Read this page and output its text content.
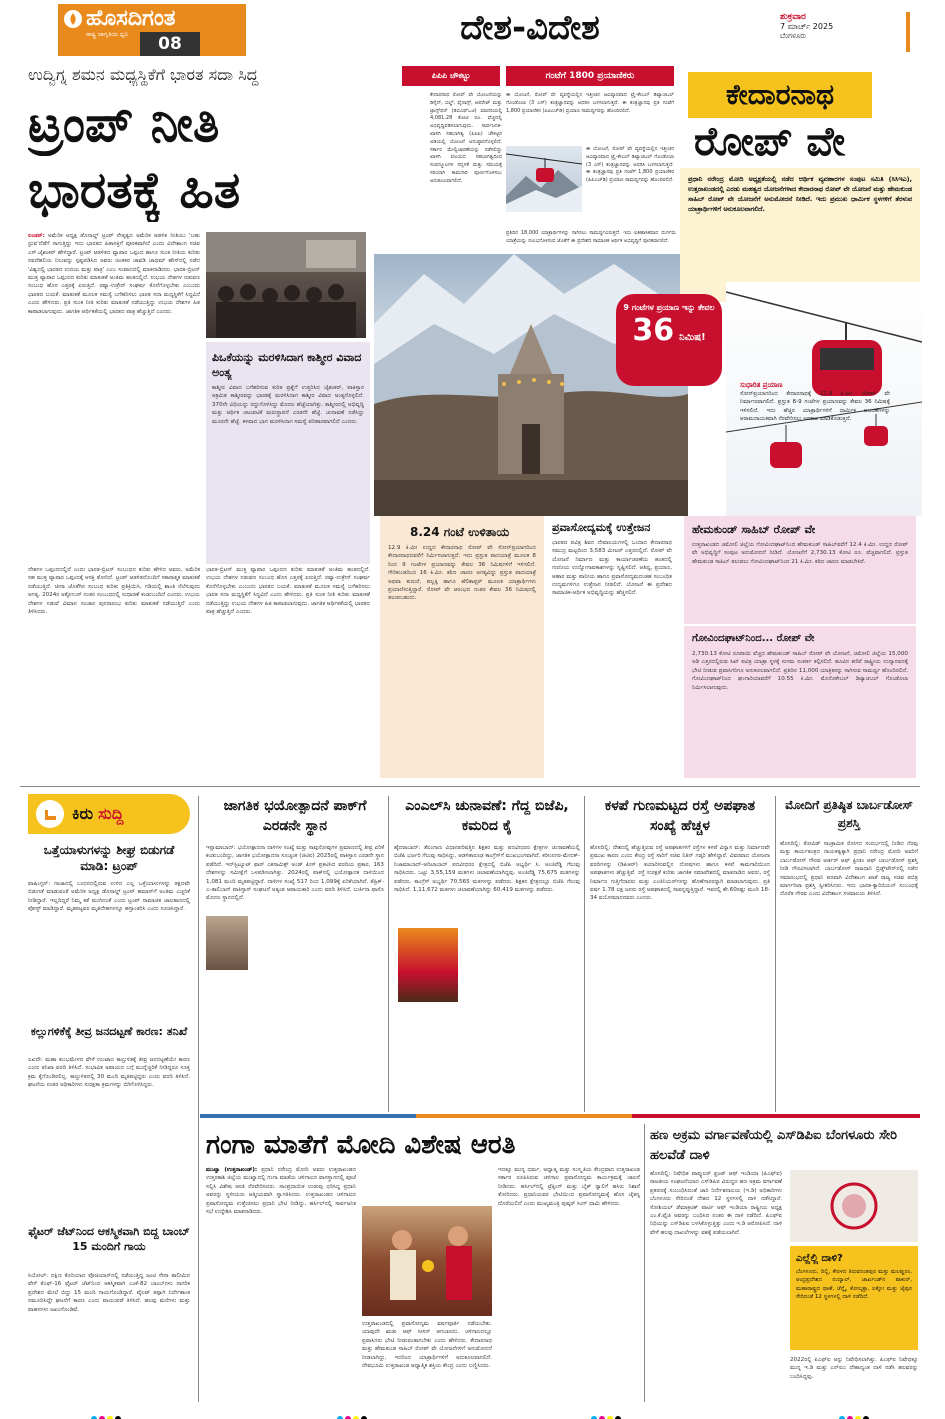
ಹೊಸದಿಗಂತ
ರಾಷ್ಟ್ರ ಜಾಗೃತಿಯ ಧ್ವನಿ	08	ದೇಶ-ವಿದೇಶ	ಶುಕ್ರವಾರ
7 ಮಾರ್ಚ್ 2025
ಬೆಂಗಳೂರು
ಉದ್ವಿಗ್ನ ಶಮನ ಮಧ್ಯಸ್ಥಿಕೆಗೆ ಭಾರತ ಸದಾ ಸಿದ್ಧ
ಟ್ರಂಪ್ ನೀತಿ
ಭಾರತಕ್ಕೆ ಹಿತ
ಲಂಡನ್: ಅಮೆರಿಕ ಅಧ್ಯಕ್ಷ ಡೊನಾಲ್ಡ್ ಟ್ರಂಪ್ ನೇತೃತ್ವದ ಅಮೆರಿಕ ಆಡಳಿತ ನೀತಿಯು 'ಬಹು ಧ್ರುವ'ದೆಡೆಗೆ ಸಾಗುತ್ತಿದ್ದು ಇದು ಭಾರತದ ಹಿತಾಸಕ್ತಿಗೆ ಪೂರಕವಾಗಿದೆ ಎಂದು ವಿದೇಶಾಂಗ ಸಚಿವ ಎಸ್.ಜೈಶಂಕರ್ ಹೇಳಿದ್ದಾರೆ. ಟ್ರಂಪ್ ಆಡಳಿತದ ವ್ಯಾಪಾರ ಒಪ್ಪಂದ ಹಾಗೂ ಸುಂಕ ನೀತಿಯ ಕುರಿತು ನವದೆಹಲಿಯ ನಿಲುವನ್ನು ಸ್ಪಷ್ಟಪಡಿಸಿದ ಅವರು ಚಿಂತಕರ ಚಾವಡಿ ಚಾಥಮ್ ಹೌಸ್‌ನಲ್ಲಿ ನಡೆದ 'ವಿಶ್ವದಲ್ಲಿ ಭಾರತದ ಉದಯ ಮತ್ತು ಪಾತ್ರ' ಎಂಬ ಸಂವಾದದಲ್ಲಿ ಮಾತನಾಡಿದರು. ಭಾರತ-ಬ್ರಿಟನ್ ಮುಕ್ತ ವ್ಯಾಪಾರ ಒಪ್ಪಂದದ ಕುರಿತು ಮಾತುಕತೆ ಅಂತಿಮ ಹಂತದಲ್ಲಿದೆ. ಉಭಯ ದೇಶಗಳ ನಡುವಣ ಸಂಬಂಧ ಹೊಸ ಎತ್ತರಕ್ಕೆ ಏರುತ್ತಿದೆ. ರಷ್ಯಾ-ಉಕ್ರೇನ್ ಸಂಘರ್ಷ ಕೊನೆಗೊಳ್ಳಬೇಕು ಎಂಬುದು ಭಾರತದ ಬಯಕೆ. ಮಾತುಕತೆ ಮೂಲಕ ಸಮಸ್ಯೆ ಬಗೆಹರಿಸಲು ಭಾರತ ಸದಾ ಮಧ್ಯಸ್ಥಿಕೆಗೆ ಸಿದ್ಧವಿದೆ ಎಂದು ಹೇಳಿದರು. ಪ್ರತಿ ಸುಂಕ ನೀತಿ ಕುರಿತು ಮಾತುಕತೆ ನಡೆಯುತ್ತಿದ್ದು ಉಭಯ ದೇಶಗಳ ಹಿತ ಕಾಪಾಡಲಾಗುವುದು. ಜಾಗತಿಕ ಆರ್ಥಿಕತೆಯಲ್ಲಿ ಭಾರತದ ಪಾತ್ರ ಹೆಚ್ಚುತ್ತಿದೆ ಎಂದರು.
ಪಿಒಕೆಯನ್ನು ಮರಳಿಸಿದಾಗ ಕಾಶ್ಮೀರ ವಿವಾದ ಅಂತ್ಯ
ಕಾಶ್ಮೀರ ವಿವಾದ ಬಗೆಹರಿಸುವ ಕುರಿತ ಪ್ರಶ್ನೆಗೆ ಉತ್ತರಿಸಿದ ಜೈಶಂಕರ್, ಪಾಕಿಸ್ತಾನ ಆಕ್ರಮಿತ ಕಾಶ್ಮೀರವನ್ನು ಭಾರತಕ್ಕೆ ಮರಳಿಸಿದಾಗ ಕಾಶ್ಮೀರ ವಿವಾದ ಅಂತ್ಯಗೊಳ್ಳಲಿದೆ. 370ನೇ ವಿಧಿಯನ್ನು ರದ್ದುಗೊಳಿಸಿದ್ದು ಮೊದಲ ಹೆಜ್ಜೆಯಾಗಿತ್ತು. ಕಾಶ್ಮೀರದಲ್ಲಿ ಅಭಿವೃದ್ಧಿ ಮತ್ತು ಆರ್ಥಿಕ ಚಟುವಟಿಕೆ ಮರುಸ್ಥಾಪನೆ ಎರಡನೇ ಹೆಜ್ಜೆ. ಚುನಾವಣೆ ನಡೆಸಿದ್ದು ಮೂರನೇ ಹೆಜ್ಜೆ. ಕಳವಾದ ಭಾಗ ಮರಳಿಸಿದಾಗ ಸಮಸ್ಯೆ ಪರಿಹಾರವಾಗಲಿದೆ ಎಂದರು.
ದೇಶಗಳ ಒಪ್ಪಂದದಲ್ಲಿದೆ ಎಂದು ಭಾರತ-ಬ್ರಿಟನ್ ಸಂಬಂಧದ ಕುರಿತು ಹೇಳಿದ ಅವರು, ಅಮೆರಿಕ ಸಹ ಮುಕ್ತ ವ್ಯಾಪಾರ ಒಪ್ಪಂದಕ್ಕೆ ಆಸಕ್ತಿ ತೋರಿದೆ. ಟ್ರಂಪ್ ಆಡಳಿತದೊಂದಿಗೆ ಸಕಾರಾತ್ಮಕ ಮಾತುಕತೆ ನಡೆಯುತ್ತಿದೆ. ಚೀನಾ ಜೊತೆಗಿನ ಸಂಬಂಧ ಕುರಿತು ಪ್ರತಿಕ್ರಿಯಿಸಿ, ಗಡಿಯಲ್ಲಿ ಶಾಂತಿ ನೆಲೆಸುವುದು ಅಗತ್ಯ. 2024ರ ಅಕ್ಟೋಬರ್ ನಂತರ ಸಂಬಂಧದಲ್ಲಿ ಸುಧಾರಣೆ ಕಂಡುಬಂದಿದೆ ಎಂದರು. ಉಭಯ ದೇಶಗಳ ನಡುವೆ ವಿಮಾನ ಸಂಚಾರ ಪುನರಾರಂಭ ಕುರಿತು ಮಾತುಕತೆ ನಡೆಯುತ್ತಿದೆ ಎಂದು ತಿಳಿಸಿದರು.
ಭಾರತ-ಬ್ರಿಟನ್ ಮುಕ್ತ ವ್ಯಾಪಾರ ಒಪ್ಪಂದದ ಕುರಿತು ಮಾತುಕತೆ ಅಂತಿಮ ಹಂತದಲ್ಲಿದೆ. ಉಭಯ ದೇಶಗಳ ನಡುವಣ ಸಂಬಂಧ ಹೊಸ ಎತ್ತರಕ್ಕೆ ಏರುತ್ತಿದೆ. ರಷ್ಯಾ-ಉಕ್ರೇನ್ ಸಂಘರ್ಷ ಕೊನೆಗೊಳ್ಳಬೇಕು ಎಂಬುದು ಭಾರತದ ಬಯಕೆ. ಮಾತುಕತೆ ಮೂಲಕ ಸಮಸ್ಯೆ ಬಗೆಹರಿಸಲು ಭಾರತ ಸದಾ ಮಧ್ಯಸ್ಥಿಕೆಗೆ ಸಿದ್ಧವಿದೆ ಎಂದು ಹೇಳಿದರು. ಪ್ರತಿ ಸುಂಕ ನೀತಿ ಕುರಿತು ಮಾತುಕತೆ ನಡೆಯುತ್ತಿದ್ದು ಉಭಯ ದೇಶಗಳ ಹಿತ ಕಾಪಾಡಲಾಗುವುದು. ಜಾಗತಿಕ ಆರ್ಥಿಕತೆಯಲ್ಲಿ ಭಾರತದ ಪಾತ್ರ ಹೆಚ್ಚುತ್ತಿದೆ ಎಂದರು.
ಪಿಪಿಪಿ ಚೌಕಟ್ಟು	ಗಂಟೆಗೆ 1800 ಪ್ರಯಾಣಿಕರು
ಕೇದಾರನಾಥ ರೋಪ್ ವೇ ಯೋಜನೆಯನ್ನು ಡಿಸೈನ್, ಬಿಲ್ಡ್, ಫೈನಾನ್ಸ್, ಆಪರೇಟ್ ಮತ್ತು ಟ್ರಾನ್ಸ್‌ಫರ್ (ಡಿಬಿಎಫ್‌ಒಟಿ) ಮಾದರಿಯಲ್ಲಿ 4,081.28 ಕೋಟಿ ರೂ. ವೆಚ್ಚದಲ್ಲಿ ಅಭಿವೃದ್ಧಿಪಡಿಸಲಾಗುವುದು. ಸಾರ್ವಜನಿಕ-ಖಾಸಗಿ ಸಹಭಾಗಿತ್ವ (ಪಿಪಿಪಿ) ಚೌಕಟ್ಟಿನ ಅಡಿಯಲ್ಲಿ ಯೋಜನೆ ಅನುಷ್ಠಾನಗೊಳ್ಳಲಿದೆ. ಸರ್ಕಾರ ಮೇಲ್ವಿಚಾರಣೆಯನ್ನು ನಡೆಸಲಿದ್ದು ಖಾಸಗಿ ವಲಯದ ಸಹಭಾಗಿತ್ವದಿಂದ ಸಂಪನ್ಮೂಲಗಳ ಸದ್ಬಳಕೆ ಮತ್ತು ಸಮಯಕ್ಕೆ ಸರಿಯಾಗಿ ಕಾಮಗಾರಿ ಪೂರ್ಣಗೊಳಿಸಲು ಅನುಕೂಲವಾಗಲಿದೆ.
ಈ ಯೋಜನೆ, ರೋಪ್ ವೇ ವ್ಯವಸ್ಥೆಯಲ್ಲಿನ ಇತ್ತೀಚಿನ ಆವಿಷ್ಕಾರವಾದ ಟ್ರೈ-ಕೇಬಲ್ ಡಿಟ್ಯಾಚಬಲ್ ಗೊಂಡೊಲಾ (3 ಎಸ್) ತಂತ್ರಜ್ಞಾನವನ್ನು ಆಧರಿಸಿ ಬಳಸಲಾಗುತ್ತದೆ. ಈ ತಂತ್ರಜ್ಞಾನವು ಪ್ರತಿ ಗಂಟೆಗೆ 1,800 ಪ್ರಯಾಣಿಕರ (ಪಿಪಿಎಚ್‌ಡಿ) ಪ್ರಯಾಣ ಸಾಮರ್ಥ್ಯವನ್ನು ಹೊಂದಿರಲಿದೆ.
ಈ ಯೋಜನೆ, ರೋಪ್ ವೇ ವ್ಯವಸ್ಥೆಯಲ್ಲಿನ ಇತ್ತೀಚಿನ ಆವಿಷ್ಕಾರವಾದ ಟ್ರೈ-ಕೇಬಲ್ ಡಿಟ್ಯಾಚಬಲ್ ಗೊಂಡೊಲಾ (3 ಎಸ್) ತಂತ್ರಜ್ಞಾನವನ್ನು ಆಧರಿಸಿ ಬಳಸಲಾಗುತ್ತದೆ. ಈ ತಂತ್ರಜ್ಞಾನವು ಪ್ರತಿ ಗಂಟೆಗೆ 1,800 ಪ್ರಯಾಣಿಕರ (ಪಿಪಿಎಚ್‌ಡಿ) ಪ್ರಯಾಣ ಸಾಮರ್ಥ್ಯವನ್ನು ಹೊಂದಿರಲಿದೆ.
ಪ್ರತಿದಿನ 18,000 ಯಾತ್ರಾರ್ಥಿಗಳನ್ನು ಸಾಗಿಸಲು ಸಾಮರ್ಥ್ಯವಿರುತ್ತದೆ. ಇದು ಐತಿಹಾಸಿಕವಾದ ದುರ್ಗಮ ಯಾತ್ರೆಯನ್ನು ಸುಲಭಗೊಳಿಸುವ ಜೊತೆಗೆ ಈ ಪ್ರದೇಶದ ಸಾಮಾಜಿಕ ಆರ್ಥಿಕ ಅಭಿವೃದ್ಧಿಗೆ ಪೂರಕವಾಗಲಿದೆ.
ಕೇದಾರನಾಥ
ರೋಪ್ ವೇ
ಪ್ರಧಾನಿ ನರೇಂದ್ರ ಮೋದಿ ಅಧ್ಯಕ್ಷತೆಯಲ್ಲಿ ನಡೆದ ಆರ್ಥಿಕ ವ್ಯವಹಾರಗಳ ಸಂಪುಟ ಸಮಿತಿ (ಸಿಸಿಇಎ), ಉತ್ತರಾಖಂಡದಲ್ಲಿ ಎರಡು ಮಹತ್ವದ ಯೋಜನೆಗಳಾದ ಕೇದಾರನಾಥ ರೋಪ್ ವೇ ಯೋಜನೆ ಮತ್ತು ಹೇಮಕುಂಡ ಸಾಹಿಬ್ ರೋಪ್ ವೇ ಯೋಜನೆಗೆ ಅನುಮೋದನೆ ನೀಡಿದೆ. ಇದು ಪ್ರಮುಖ ಧಾರ್ಮಿಕ ಸ್ಥಳಗಳಿಗೆ ತೆರಳುವ ಯಾತ್ರಾರ್ಥಿಗಳಿಗೆ ಅನುಕೂಲವಾಗಲಿದೆ.
9 ಗಂಟೆಗಳ ಪ್ರಯಾಣ ಇನ್ನು ಕೇವಲ
36 ನಿಮಿಷ!
ಸುಧಾರಿತ ಪ್ರಯಾಣ
ಸೋನ್‌ಪ್ರಯಾಗದಿಂದ ಕೇದಾರನಾಥಕ್ಕೆ 12.9 ಕಿ.ಮೀ. ರೋಪ್ ವೇ ನಿರ್ಮಾಣವಾಗಲಿದೆ. ಪ್ರಸ್ತುತ 8-9 ಗಂಟೆಗಳ ಪ್ರಯಾಣವನ್ನು ಕೇವಲ 36 ನಿಮಿಷಕ್ಕೆ ಇಳಿಸಲಿದೆ. ಇದು ಹೆಚ್ಚಿನ ಯಾತ್ರಾರ್ಥಿಗಳಿಗೆ ಧಾರ್ಮಿಕ ಆಚರಣೆಗಳನ್ನು ಆರಾಮದಾಯಕವಾಗಿ ನೆರವೇರಿಸಲು ಅವಕಾಶ ಮಾಡಿಕೊಡುತ್ತದೆ.
8.24 ಗಂಟೆ ಉಳಿತಾಯ
12.9 ಕಿ.ಮೀ ಉದ್ದದ ಕೇದಾರನಾಥ ರೋಪ್ ವೇ ಸೋನ್‌ಪ್ರಯಾಗದಿಂದ ಕೇದಾರನಾಥದವರೆಗೆ ನಿರ್ಮಿಸಲಾಗುತ್ತದೆ. ಇದು ಪ್ರಸ್ತುತ ಪಾದಯಾತ್ರೆ ಮೂಲಕ 8 ರಿಂದ 9 ಗಂಟೆಗಳ ಪ್ರಯಾಣವನ್ನು ಕೇವಲ 36 ನಿಮಿಷಗಳಿಗೆ ಇಳಿಸಲಿದೆ. ಗೌರಿಕುಂಡದಿಂದ 16 ಕಿ.ಮೀ. ಕಠಿಣ ಚಾರಣ ಅಗತ್ಯವಿದ್ದು ಪ್ರಸ್ತುತ ಪಾದಯಾತ್ರೆ ಅಥವಾ ಕುದುರೆ, ಪಲ್ಲಕ್ಕಿ ಹಾಗೂ ಹೆಲಿಕಾಪ್ಟರ್ ಮೂಲಕ ಯಾತ್ರಾರ್ಥಿಗಳು ಪ್ರಯಾಣಿಸುತ್ತಿದ್ದಾರೆ. ರೋಪ್ ವೇ ಆರಂಭದ ನಂತರ ಕೇವಲ 36 ನಿಮಿಷದಲ್ಲಿ ತಲುಪಬಹುದು.
ಪ್ರವಾಸೋದ್ಯಮಕ್ಕೆ ಉತ್ತೇಜನ
ಭಾರತದ ಪವಿತ್ರ ಶಿವನ ದೇವಾಲಯಗಳಲ್ಲಿ ಒಂದಾದ ಕೇದಾರನಾಥ ಸಮುದ್ರ ಮಟ್ಟದಿಂದ 3,583 ಮೀಟರ್ ಎತ್ತರದಲ್ಲಿದೆ. ರೋಪ್ ವೇ ಯೋಜನೆ ನಿರ್ಮಾಣ ಮತ್ತು ಕಾರ್ಯಾಚರಣೆಯ ಹಂತದಲ್ಲಿ ಗಣನೀಯ ಉದ್ಯೋಗಾವಕಾಶಗಳನ್ನು ಸೃಷ್ಟಿಸಲಿದೆ. ಆತಿಥ್ಯ, ಪ್ರಯಾಣ, ಆಹಾರ ಮತ್ತು ಪಾನೀಯ ಹಾಗೂ ಪ್ರವಾಸೋದ್ಯಮದಂತಹ ಸಂಬಂಧಿತ ಉದ್ಯಮಗಳಿಗೂ ಉತ್ತೇಜನ ನೀಡಲಿದೆ. ಯೋಜನೆ ಈ ಪ್ರದೇಶದ ಸಾಮಾಜಿಕ-ಆರ್ಥಿಕ ಅಭಿವೃದ್ಧಿಯನ್ನು ಹೆಚ್ಚಿಸಲಿದೆ.
ಹೇಮಕುಂಡ್ ಸಾಹಿಬ್ ರೋಪ್ ವೇ
ಉತ್ತರಾಖಂಡದ ಚಮೋಲಿ ಜಿಲ್ಲೆಯ ಗೋವಿಂದಘಾಟ್‌ನಿಂದ ಹೇಮಕುಂಡ್ ಸಾಹಿಬ್‌ವರೆಗೆ 12.4 ಕಿ.ಮೀ. ಉದ್ದದ ರೋಪ್ ವೇ ಅಭಿವೃದ್ಧಿಗೆ ಸಂಪುಟ ಅನುಮೋದನೆ ನೀಡಿದೆ. ಯೋಜನೆಗೆ 2,730.13 ಕೋಟಿ ರೂ. ವೆಚ್ಚವಾಗಲಿದೆ. ಪ್ರಸ್ತುತ ಹೇಮಕುಂಡ ಸಾಹಿಬ್ ತಲುಪಲು ಗೋವಿಂದಘಾಟ್‌ನಿಂದ 21 ಕಿ.ಮೀ. ಕಠಿಣ ಚಾರಣ ಮಾಡಬೇಕಿದೆ.
ಗೋವಿಂದಘಾಟ್‌ನಿಂದ... ರೋಪ್ ವೇ
2,730.13 ಕೋಟಿ ರೂಪಾಯಿ ವೆಚ್ಚದ ಹೇಮಕುಂಡ್ ಸಾಹಿಬ್ ರೋಪ್ ವೇ ಯೋಜನೆ, ಚಮೋಲಿ ಜಿಲ್ಲೆಯ 15,000 ಅಡಿ ಎತ್ತರದಲ್ಲಿರುವ ಸಿಖ್ ಪವಿತ್ರ ಯಾತ್ರಾ ಸ್ಥಳಕ್ಕೆ ಸುಗಮ ಸಂಪರ್ಕ ಕಲ್ಪಿಸಲಿದೆ. ಹೂವಿನ ಕಣಿವೆ ರಾಷ್ಟ್ರೀಯ ಉದ್ಯಾನವನಕ್ಕೆ ಭೇಟಿ ನೀಡುವ ಪ್ರವಾಸಿಗರಿಗೂ ಅನುಕೂಲವಾಗಲಿದೆ. ಪ್ರತಿದಿನ 11,000 ಯಾತ್ರಿಕರನ್ನು ಸಾಗಿಸುವ ಸಾಮರ್ಥ್ಯ ಹೊಂದಿರಲಿದೆ. ಗೋವಿಂದಘಾಟ್‌ನಿಂದ ಘಂಗಾರಿಯಾವರೆಗೆ 10.55 ಕಿ.ಮೀ. ಮೊನೊಕೇಬಲ್ ಡಿಟ್ಯಾಚಬಲ್ ಗೊಂಡೊಲಾ ನಿರ್ಮಿಸಲಾಗುವುದು.
ಕಿರು ಸುದ್ದಿ
ಒತ್ತೆಯಾಳುಗಳನ್ನು ಶೀಘ್ರ ಬಿಡುಗಡೆ ಮಾಡಿ: ಟ್ರಂಪ್
ವಾಷಿಂಗ್ಟನ್: ಗಾಜಾದಲ್ಲಿ ಬಂಧನದಲ್ಲಿರುವ ಉಳಿದ ಎಲ್ಲ ಒತ್ತೆಯಾಳುಗಳನ್ನು ತಕ್ಷಣವೇ ಬಿಡುಗಡೆ ಮಾಡುವಂತೆ ಅಮೆರಿಕ ಅಧ್ಯಕ್ಷ ಡೊನಾಲ್ಡ್ ಟ್ರಂಪ್ ಹಮಾಸ್‌ಗೆ ಅಂತಿಮ ಎಚ್ಚರಿಕೆ ನೀಡಿದ್ದಾರೆ. ಇಲ್ಲದಿದ್ದರೆ ನಿಮ್ಮ ಕತೆ ಮುಗಿದಂತೆ ಎಂದು ಟ್ರಂಪ್ ಸಾಮಾಜಿಕ ಜಾಲತಾಣದಲ್ಲಿ ಪೋಸ್ಟ್ ಮಾಡಿದ್ದಾರೆ. ಮೃತಪಟ್ಟವರ ಮೃತದೇಹಗಳನ್ನೂ ಹಸ್ತಾಂತರಿಸಿ ಎಂದು ಸೂಚಿಸಿದ್ದಾರೆ.
ಕಲ್ಲುಗಳಿಕೆಕ್ಕೆ ತೀವ್ರ ಜನದಟ್ಟಣೆ ಕಾರಣ: ತನಿಖೆ
ಲಖನೌ: ಮಹಾ ಕುಂಭಮೇಳದ ವೇಳೆ ಉಂಟಾದ ಕಾಲ್ತುಳಿತಕ್ಕೆ ತೀವ್ರ ಜನದಟ್ಟಣೆಯೇ ಕಾರಣ ಎಂದು ತನಿಖಾ ವರದಿ ತಿಳಿಸಿದೆ. ಸಂಭಾವಿತ ಅಪಾಯದ ಬಗ್ಗೆ ಮುನ್ನೆಚ್ಚರಿಕೆ ನೀಡಿದ್ದರೂ ಸೂಕ್ತ ಕ್ರಮ ಕೈಗೊಂಡಿರಲಿಲ್ಲ. ಕಾಲ್ತುಳಿತದಲ್ಲಿ 30 ಮಂದಿ ಮೃತಪಟ್ಟಿದ್ದರು ಎಂದು ವರದಿ ತಿಳಿಸಿದೆ. ಘಟನೆಯ ನಂತರ ಅಧಿಕಾರಿಗಳು ಸುರಕ್ಷತಾ ಕ್ರಮಗಳನ್ನು ಬಿಗಿಗೊಳಿಸಿದ್ದರು.
ಫೈಟರ್ ಜೆಟ್‌ನಿಂದ ಆಕಸ್ಮಿಕವಾಗಿ ಬಿದ್ದ ಬಾಂಬ್ 15 ಮಂದಿಗೆ ಗಾಯ
ಸಿಯೋಲ್: ದಕ್ಷಿಣ ಕೊರಿಯಾದ ಪೊಚಿಯಾನ್‌ನಲ್ಲಿ ನಡೆಯುತ್ತಿದ್ದ ಜಂಟಿ ಸೇನಾ ತಾಲೀಮಿನ ವೇಳೆ ಕೆಎಫ್-16 ಫೈಟರ್ ಜೆಟ್‌ನಿಂದ ಆಕಸ್ಮಿಕವಾಗಿ ಎಂಕೆ-82 ಬಾಂಬ್‌ಗಳು ನಾಗರಿಕ ಪ್ರದೇಶದ ಮೇಲೆ ಬಿದ್ದು 15 ಮಂದಿ ಗಾಯಗೊಂಡಿದ್ದಾರೆ. ಪೈಲಟ್ ತಪ್ಪಾಗಿ ನಿರ್ದೇಶಾಂಕ ನಮೂದಿಸಿದ್ದೇ ಘಟನೆಗೆ ಕಾರಣ ಎಂದು ವಾಯುಪಡೆ ತಿಳಿಸಿದೆ. ಹಲವು ಮನೆಗಳು ಮತ್ತು ವಾಹನಗಳು ಜಖಂಗೊಂಡಿವೆ.
ಜಾಗತಿಕ ಭಯೋತ್ಪಾದನೆ ಪಾಕ್‌ಗೆ ಎರಡನೇ ಸ್ಥಾನ
ಇಸ್ಲಾಮಾಬಾದ್: ಭಯೋತ್ಪಾದನಾ ದಾಳಿಗಳ ಸಂಖ್ಯೆ ಮತ್ತು ಸಾವುನೋವುಗಳ ಪ್ರಮಾಣದಲ್ಲಿ ತೀವ್ರ ಏರಿಕೆ ಕಂಡುಬಂದಿದ್ದು, ಜಾಗತಿಕ ಭಯೋತ್ಪಾದನಾ ಸೂಚ್ಯಂಕ (ಜಿಟಿಐ) 2025ರಲ್ಲಿ ಪಾಕಿಸ್ತಾನ ಎರಡನೇ ಸ್ಥಾನ ಪಡೆದಿದೆ. ಇನ್‌ಸ್ಟಿಟ್ಯೂಟ್ ಫಾರ್ ಎಕನಾಮಿಕ್ಸ್ ಅಂಡ್ ಪೀಸ್ ಪ್ರಕಟಿಸಿದ ವರದಿಯ ಪ್ರಕಾರ, 163 ದೇಶಗಳನ್ನು ಸಮೀಕ್ಷೆಗೆ ಒಳಪಡಿಸಲಾಗಿತ್ತು. 2024ರಲ್ಲಿ ಪಾಕ್‌ನಲ್ಲಿ ಭಯೋತ್ಪಾದಕ ದಾಳಿಯಿಂದ 1,081 ಮಂದಿ ಮೃತಪಟ್ಟಿದ್ದಾರೆ. ದಾಳಿಗಳ ಸಂಖ್ಯೆ 517 ರಿಂದ 1,099ಕ್ಕೆ ಏರಿಕೆಯಾಗಿದೆ. ತೆಹ್ರಿಕ್-ಎ-ತಾಲಿಬಾನ್ ಪಾಕಿಸ್ತಾನ್ ಸಂಘಟನೆ ಅತ್ಯಂತ ಅಪಾಯಕಾರಿ ಎಂದು ವರದಿ ತಿಳಿಸಿದೆ. ಬುರ್ಕಿನಾ ಫಾಸೊ ಮೊದಲ ಸ್ಥಾನದಲ್ಲಿದೆ.
ಎಂಎಲ್‌ಸಿ ಚುನಾವಣೆ: ಗೆದ್ದ ಬಿಜೆಪಿ, ಕಮರಿದ ಕೈ
ಹೈದರಾಬಾದ್: ತೆಲಂಗಾಣ ವಿಧಾನಪರಿಷತ್ತಿನ ಶಿಕ್ಷಕರ ಮತ್ತು ಪದವೀಧರರ ಕ್ಷೇತ್ರಗಳ ಚುನಾವಣೆಯಲ್ಲಿ ಬಿಜೆಪಿ ಭರ್ಜರಿ ಗೆಲುವು ಸಾಧಿಸಿದ್ದು, ಆಡಳಿತಾರೂಢ ಕಾಂಗ್ರೆಸ್‌ಗೆ ಮುಖಭಂಗವಾಗಿದೆ. ಕರೀಂನಗರ-ಮೇದಕ್-ನಿಜಾಮಾಬಾದ್-ಆದಿಲಾಬಾದ್ ಪದವೀಧರರ ಕ್ಷೇತ್ರದಲ್ಲಿ ಬಿಜೆಪಿ ಅಭ್ಯರ್ಥಿ ಸಿ. ಅಂಜಿರೆಡ್ಡಿ ಗೆಲುವು ಸಾಧಿಸಿದರು. ಒಟ್ಟು 3,55,159 ಮತಗಳು ಚಲಾವಣೆಯಾಗಿದ್ದವು. ಅಂಜಿರೆಡ್ಡಿ 75,675 ಮತಗಳನ್ನು ಪಡೆದರು. ಕಾಂಗ್ರೆಸ್ ಅಭ್ಯರ್ಥಿ 70,565 ಮತಗಳನ್ನು ಪಡೆದರು. ಶಿಕ್ಷಕರ ಕ್ಷೇತ್ರದಲ್ಲೂ ಬಿಜೆಪಿ ಗೆಲುವು ಸಾಧಿಸಿದೆ. 1,11,672 ಮತಗಳು ಚಲಾವಣೆಯಾಗಿದ್ದು 60,419 ಮತಗಳನ್ನು ಪಡೆದರು.
ಕಳಪೆ ಗುಣಮಟ್ಟದ ರಸ್ತೆ ಅಪಘಾತ ಸಂಖ್ಯೆ ಹೆಚ್ಚಳ
ಹೊಸದಿಲ್ಲಿ: ದೇಶದಲ್ಲಿ ಹೆಚ್ಚುತ್ತಿರುವ ರಸ್ತೆ ಅಪಘಾತಗಳಿಗೆ ರಸ್ತೆಗಳ ಕಳಪೆ ವಿನ್ಯಾಸ ಮತ್ತು ನಿರ್ಮಾಣವೇ ಪ್ರಮುಖ ಕಾರಣ ಎಂದು ಕೇಂದ್ರ ರಸ್ತೆ ಸಾರಿಗೆ ಸಚಿವ ನಿತಿನ್ ಗಡ್ಕರಿ ಹೇಳಿದ್ದಾರೆ. ವಿವರವಾದ ಯೋಜನಾ ವರದಿಗಳನ್ನು (ಡಿಪಿಆರ್) ತಯಾರಿಸುವಲ್ಲಿನ ದೋಷಗಳು ಹಾಗೂ ಕಳಪೆ ಕಾಮಗಾರಿಯಿಂದ ಅಪಘಾತಗಳು ಹೆಚ್ಚುತ್ತಿವೆ. ರಸ್ತೆ ಸುರಕ್ಷತೆ ಕುರಿತು ಜಾಗತಿಕ ಸಮಾವೇಶದಲ್ಲಿ ಮಾತನಾಡಿದ ಅವರು, ರಸ್ತೆ ನಿರ್ಮಾಣ ಗುತ್ತಿಗೆದಾರರು ಮತ್ತು ಎಂಜಿನಿಯರ್‌ಗಳನ್ನು ಹೊಣೆಗಾರರನ್ನಾಗಿ ಮಾಡಲಾಗುವುದು. ಪ್ರತಿ ವರ್ಷ 1.78 ಲಕ್ಷ ಜನರು ರಸ್ತೆ ಅಪಘಾತದಲ್ಲಿ ಸಾವನ್ನಪ್ಪುತ್ತಿದ್ದಾರೆ. ಇವರಲ್ಲಿ ಶೇ.60ರಷ್ಟು ಮಂದಿ 18-34 ವಯೋಮಾನದವರು ಎಂದರು.
ಮೋದಿಗೆ ಪ್ರತಿಷ್ಠಿತ ಬಾರ್ಬಡೋಸ್ ಪ್ರಶಸ್ತಿ
ಹೊಸದಿಲ್ಲಿ: ಕೋವಿಡ್ ಸಾಂಕ್ರಾಮಿಕ ರೋಗದ ಸಂದರ್ಭದಲ್ಲಿ ನೀಡಿದ ನೆರವು ಮತ್ತು ಕಾರ್ಯತಂತ್ರದ ನಾಯಕತ್ವಕ್ಕಾಗಿ ಪ್ರಧಾನಿ ನರೇಂದ್ರ ಮೋದಿ ಅವರಿಗೆ ಬಾರ್ಬಡೋಸ್ ಗೌರವ ಆರ್ಡರ್ ಆಫ್ ಫ್ರೀಡಂ ಆಫ್ ಬಾರ್ಬಡೋಸ್ ಪ್ರಶಸ್ತಿ ನೀಡಿ ಗೌರವಿಸಲಾಗಿದೆ. ಬಾರ್ಬಡೋಸ್ ರಾಜಧಾನಿ ಬ್ರಿಡ್ಜ್‌ಟೌನ್‌ನಲ್ಲಿ ನಡೆದ ಸಮಾರಂಭದಲ್ಲಿ ಪ್ರಧಾನಿ ಪರವಾಗಿ ವಿದೇಶಾಂಗ ಖಾತೆ ರಾಜ್ಯ ಸಚಿವ ಪಬಿತ್ರ ಮಾರ್ಗರಿಟಾ ಪ್ರಶಸ್ತಿ ಸ್ವೀಕರಿಸಿದರು. ಇದು ಭಾರತ-ಕ್ಯಾರಿಬಿಯನ್ ಸಂಬಂಧಕ್ಕೆ ದೊರೆತ ಗೌರವ ಎಂದು ವಿದೇಶಾಂಗ ಸಚಿವಾಲಯ ತಿಳಿಸಿದೆ.
ಗಂಗಾ ಮಾತೆಗೆ ಮೋದಿ ವಿಶೇಷ ಆರತಿ
ಮುಖ್ವಾ (ಉತ್ತರಾಖಂಡ್): ಪ್ರಧಾನಿ ನರೇಂದ್ರ ಮೋದಿ ಅವರು ಉತ್ತರಾಖಂಡದ ಉತ್ತರಕಾಶಿ ಜಿಲ್ಲೆಯ ಮುಖ್ವಾದಲ್ಲಿ ಗಂಗಾ ಮಾತೆಯ ಚಳಿಗಾಲದ ವಾಸಸ್ಥಾನದಲ್ಲಿ ಪೂಜೆ ಸಲ್ಲಿಸಿ ವಿಶೇಷ ಆರತಿ ನೆರವೇರಿಸಿದರು. ಸಾಂಪ್ರದಾಯಿಕ ಉಡುಪು ಧರಿಸಿದ್ದ ಪ್ರಧಾನಿ ಅವರನ್ನು ಸ್ಥಳೀಯರು ಆತ್ಮೀಯವಾಗಿ ಸ್ವಾಗತಿಸಿದರು. ಉತ್ತರಾಖಂಡದ ಚಳಿಗಾಲದ ಪ್ರವಾಸೋದ್ಯಮ ಉತ್ತೇಜಿಸಲು ಪ್ರಧಾನಿ ಭೇಟಿ ನೀಡಿದ್ದು, ಹರ್ಸಿಲ್‌ನಲ್ಲಿ ಸಾರ್ವಜನಿಕ ಸಭೆ ಉದ್ದೇಶಿಸಿ ಮಾತನಾಡಿದರು.
ಉತ್ತರಾಖಂಡದಲ್ಲಿ ಪ್ರವಾಸೋದ್ಯಮ ವರ್ಷಪೂರ್ತಿ ನಡೆಯಬೇಕು. ಯಾವುದೇ ಋತು ಆಫ್ ಸೀಸನ್ ಆಗಬಾರದು. ಚಳಿಗಾಲದಲ್ಲೂ ಪ್ರವಾಸಿಗರು ಭೇಟಿ ನೀಡುವಂತಾಗಬೇಕು ಎಂದು ಹೇಳಿದರು. ಕೇದಾರನಾಥ ಮತ್ತು ಹೇಮಕುಂಡ ಸಾಹಿಬ್ ರೋಪ್ ವೇ ಯೋಜನೆಗಳಿಗೆ ಅನುಮೋದನೆ ನೀಡಲಾಗಿದ್ದು, ಇದರಿಂದ ಯಾತ್ರಾರ್ಥಿಗಳಿಗೆ ಅನುಕೂಲವಾಗಲಿದೆ. ದೇವಭೂಮಿ ಉತ್ತರಾಖಂಡ ಆಧ್ಯಾತ್ಮಿಕ ಶಕ್ತಿಯ ಕೇಂದ್ರ ಎಂದು ಬಣ್ಣಿಸಿದರು.
ಇದಕ್ಕೂ ಮುನ್ನ ಧರ್ಮ, ಆಧ್ಯಾತ್ಮ ಮತ್ತು ಸಂಸ್ಕೃತಿಯ ಕೇಂದ್ರವಾದ ಉತ್ತರಾಖಂಡ ಸರ್ಕಾರ ರೂಪಿಸಿರುವ ಚಳಿಗಾಲ ಪ್ರವಾಸೋದ್ಯಮ ಕಾರ್ಯಕ್ರಮಕ್ಕೆ ಚಾಲನೆ ನೀಡಿದರು. ಹರ್ಸಿಲ್‌ನಲ್ಲಿ ಟ್ರೆಕ್ಕಿಂಗ್ ಮತ್ತು ಬೈಕ್ ರ‍್ಯಾಲಿಗೆ ಹಸಿರು ನಿಶಾನೆ ತೋರಿದರು. ಪ್ರಧಾನಿಯವರ ಭೇಟಿಯಿಂದ ಪ್ರವಾಸೋದ್ಯಮಕ್ಕೆ ಹೊಸ ಚೈತನ್ಯ ದೊರೆಯಲಿದೆ ಎಂದು ಮುಖ್ಯಮಂತ್ರಿ ಪುಷ್ಕರ್ ಸಿಂಗ್ ಧಾಮಿ ಹೇಳಿದರು.
ಹಣ ಅಕ್ರಮ ವರ್ಗಾವಣೆಯಲ್ಲಿ ಎಸ್‌ಡಿಪಿಐ ಬೆಂಗಳೂರು ಸೇರಿ ಹಲವೆಡೆ ದಾಳಿ
ಹೊಸದಿಲ್ಲಿ: ನಿಷೇಧಿತ ಪಾಪ್ಯುಲರ್ ಫ್ರಂಟ್ ಆಫ್ ಇಂಡಿಯಾ (ಪಿಎಫ್‌ಐ) ರಾಜಕೀಯ ಸಂಘಟನೆಯಾದ ಎಸ್‌ಡಿಪಿಐ ವಿರುದ್ಧದ ಹಣ ಅಕ್ರಮ ವರ್ಗಾವಣೆ ಪ್ರಕರಣಕ್ಕೆ ಸಂಬಂಧಿಸಿದಂತೆ ಜಾರಿ ನಿರ್ದೇಶನಾಲಯ (ಇ.ಡಿ) ಅಧಿಕಾರಿಗಳು ಬೆಂಗಳೂರು ಸೇರಿದಂತೆ ದೇಶದ 12 ಸ್ಥಳಗಳಲ್ಲಿ ದಾಳಿ ನಡೆಸಿದ್ದಾರೆ. ಸೋಶಿಯಲ್ ಡೆಮಾಕ್ರಟಿಕ್ ಪಾರ್ಟಿ ಆಫ್ ಇಂಡಿಯಾ ರಾಷ್ಟ್ರೀಯ ಅಧ್ಯಕ್ಷ ಎಂ.ಕೆ.ಫೈಜಿ ಅವರನ್ನು ಬಂಧಿಸಿದ ನಂತರ ಈ ದಾಳಿ ನಡೆದಿದೆ. ಪಿಎಫ್‌ಐ ನಿಧಿಯನ್ನು ಎಸ್‌ಡಿಪಿಐ ಬಳಸಿಕೊಳ್ಳುತ್ತಿತ್ತು ಎಂದು ಇ.ಡಿ ಆರೋಪಿಸಿದೆ. ದಾಳಿ ವೇಳೆ ಹಲವು ದಾಖಲೆಗಳನ್ನು ವಶಕ್ಕೆ ಪಡೆಯಲಾಗಿದೆ.
ಎಲ್ಲೆಲ್ಲಿ ದಾಳಿ?
ಬೆಂಗಳೂರು, ದಿಲ್ಲಿ, ಕೇರಳದ ತಿರುವನಂತಪುರ ಮತ್ತು ಮಲಪ್ಪುರಂ, ಆಂಧ್ರಪ್ರದೇಶದ ನಂದ್ಯಾಲ್, ಜಾರ್ಖಂಡ್‌ನ ಪಾಕುರ್, ಮಹಾರಾಷ್ಟ್ರದ ಥಾಣೆ, ಚೆನ್ನೈ, ಕೋಲ್ಕತ್ತಾ, ಲಕ್ನೋ ಮತ್ತು ಜೈಪುರ ಸೇರಿದಂತೆ 12 ಸ್ಥಳಗಳಲ್ಲಿ ದಾಳಿ ನಡೆದಿದೆ.
2022ರಲ್ಲಿ ಪಿಎಫ್‌ಐ ಅನ್ನು ನಿಷೇಧಿಸಲಾಗಿತ್ತು. ಪಿಎಫ್‌ಐ ನಿಷೇಧಕ್ಕೂ ಮುನ್ನ ಇ.ಡಿ ಮತ್ತು ಎನ್‌ಐಎ ದೇಶಾದ್ಯಂತ ದಾಳಿ ನಡೆಸಿ ಹಲವರನ್ನು ಬಂಧಿಸಿದ್ದವು.
